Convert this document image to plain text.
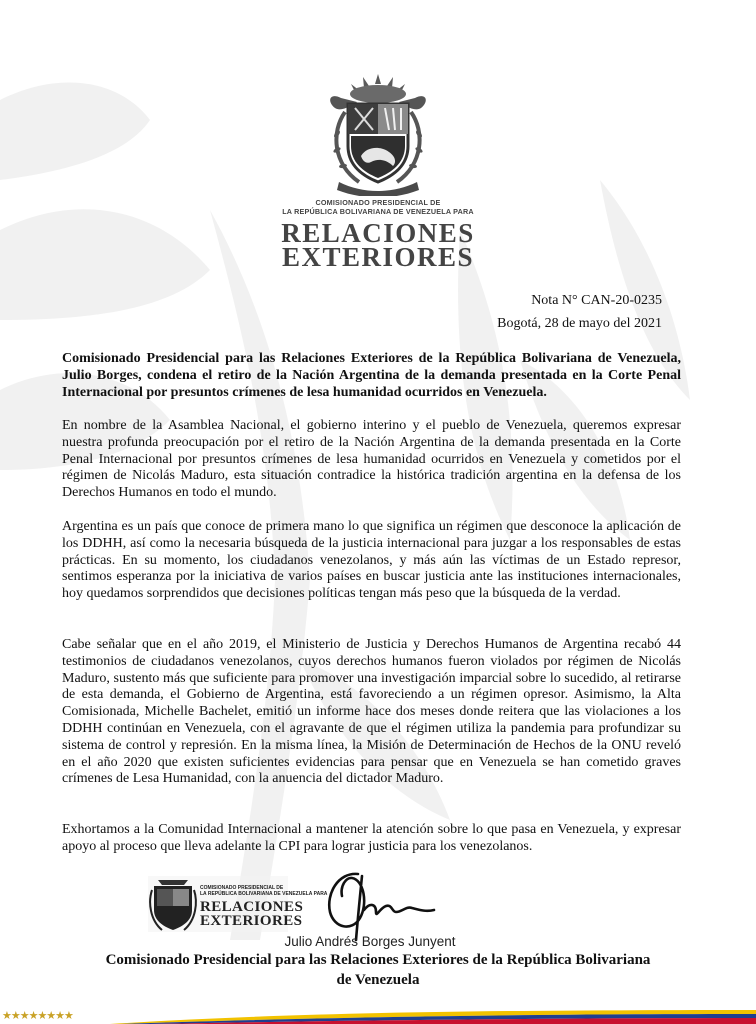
COMISIONADO PRESIDENCIAL DE
LA REPÚBLICA BOLIVARIANA DE VENEZUELA PARA
RELACIONES
EXTERIORES
Nota N° CAN-20-0235
Bogotá, 28 de mayo del 2021
Comisionado Presidencial para las Relaciones Exteriores de la República Bolivariana de Venezuela, Julio Borges, condena el retiro de la Nación Argentina de la demanda presentada en la Corte Penal Internacional por presuntos crímenes de lesa humanidad ocurridos en Venezuela.
En nombre de la Asamblea Nacional, el gobierno interino y el pueblo de Venezuela, queremos expresar nuestra profunda preocupación por el retiro de la Nación Argentina de la demanda presentada en la Corte Penal Internacional por presuntos crímenes de lesa humanidad ocurridos en Venezuela y cometidos por el régimen de Nicolás Maduro, esta situación contradice la histórica tradición argentina en la defensa de los Derechos Humanos en todo el mundo.
Argentina es un país que conoce de primera mano lo que significa un régimen que desconoce la aplicación de los DDHH, así como la necesaria búsqueda de la justicia internacional para juzgar a los responsables de estas prácticas. En su momento, los ciudadanos venezolanos, y más aún las víctimas de un Estado represor, sentimos esperanza por la iniciativa de varios países en buscar justicia ante las instituciones internacionales, hoy quedamos sorprendidos que decisiones políticas tengan más peso que la búsqueda de la verdad.
Cabe señalar que en el año 2019, el Ministerio de Justicia y Derechos Humanos de Argentina recabó 44 testimonios de ciudadanos venezolanos, cuyos derechos humanos fueron violados por régimen de Nicolás Maduro, sustento más que suficiente para promover una investigación imparcial sobre lo sucedido, al retirarse de esta demanda, el Gobierno de Argentina, está favoreciendo a un régimen opresor. Asimismo, la Alta Comisionada, Michelle Bachelet, emitió un informe hace dos meses donde reitera que las violaciones a los DDHH continúan en Venezuela, con el agravante de que el régimen utiliza la pandemia para profundizar su sistema de control y represión. En la misma línea, la Misión de Determinación de Hechos de la ONU reveló en el año 2020 que existen suficientes evidencias para pensar que en Venezuela se han cometido graves crímenes de Lesa Humanidad, con la anuencia del dictador Maduro.
Exhortamos a la Comunidad Internacional a mantener la atención sobre lo que pasa en Venezuela, y expresar apoyo al proceso que lleva adelante la CPI para lograr justicia para los venezolanos.
COMISIONADO PRESIDENCIAL DE
LA REPÚBLICA BOLIVARIANA DE VENEZUELA PARA
RELACIONES
EXTERIORES
Julio Andrés Borges Junyent
Comisionado Presidencial para las Relaciones Exteriores de la República Bolivariana
de Venezuela
★★★★★★★★
